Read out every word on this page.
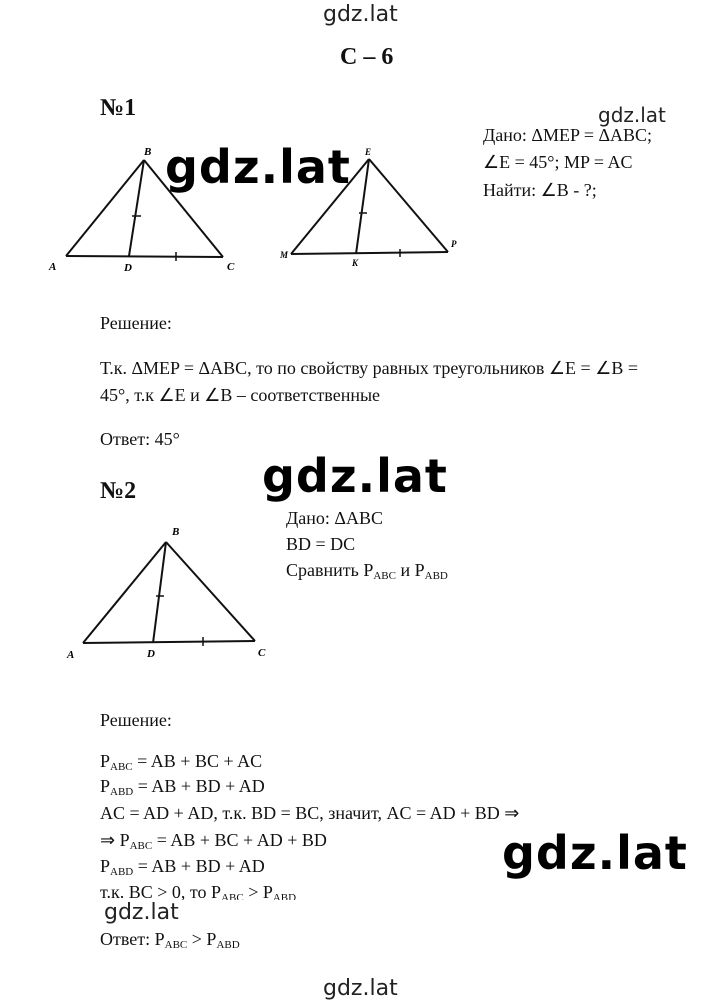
gdz.lat
gdz.lat
gdz.lat
gdz.lat
gdz.lat
gdz.lat
gdz.lat
С – 6
№1
Дано: ΔMEP = ΔABC;
∠E = 45°; MP = AC
Найти: ∠B - ?;
B
A	D	C
E
M
K
P
B
A	D	C
Решение:
Т.к. ΔMEP = ΔABC, то по свойству равных треугольников ∠E = ∠B =
45°, т.к ∠E и ∠B – соответственные
Ответ: 45°
№2
Дано: ΔABC
BD = DC
Сравнить $P_{ABC}$ и $P_{ABD}$
Решение:
$P_{ABC}$ = AB + BC + AC
$P_{ABD}$ = AB + BD + AD
AC = AD + AD, т.к. BD = BC, значит, AC = AD + BD ⇒
⇒ $P_{ABC}$ = AB + BC + AD + BD
$P_{ABD}$ = AB + BD + AD
т.к. BC > 0, то $P_{ABC} > P_{ABD}$
Ответ: $P_{ABC} > P_{ABD}$
